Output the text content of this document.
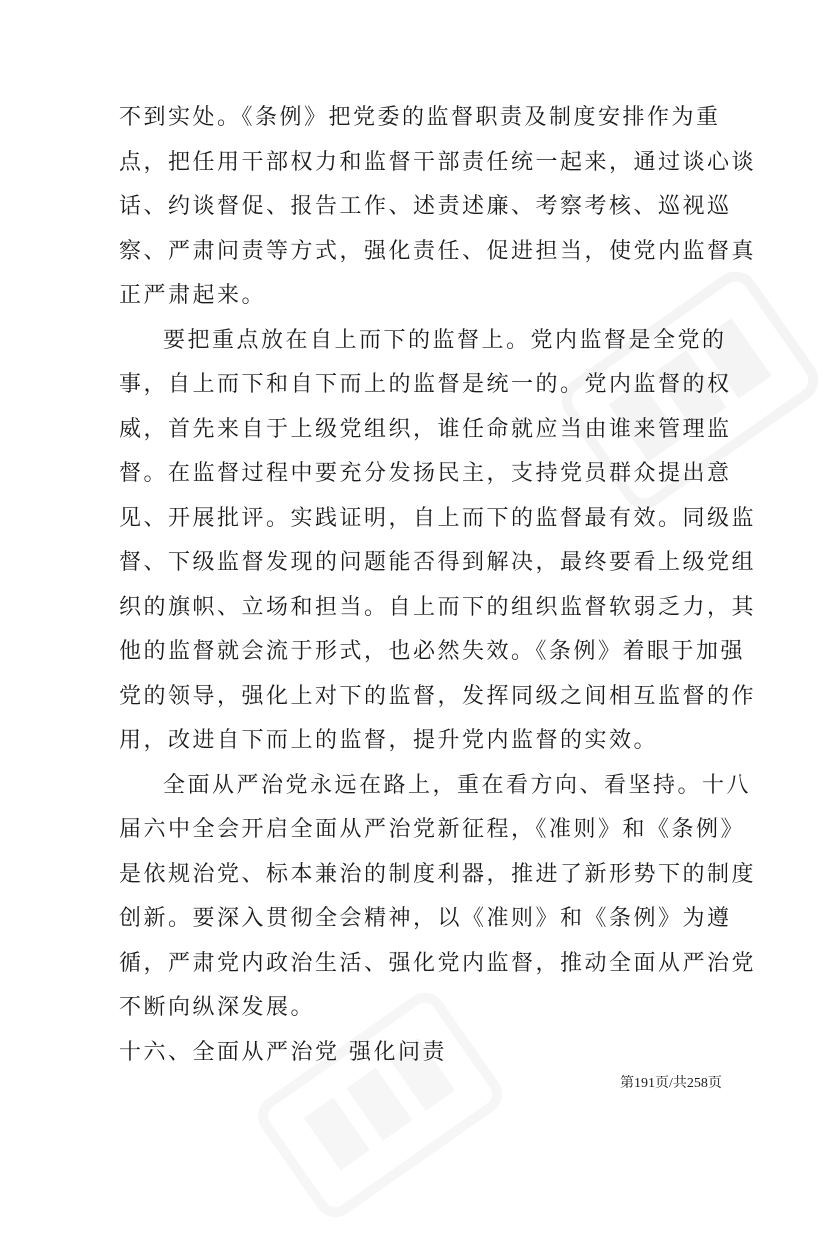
不到实处。《条例》把党委的监督职责及制度安排作为重
点，把任用干部权力和监督干部责任统一起来，通过谈心谈
话、约谈督促、报告工作、述责述廉、考察考核、巡视巡
察、严肃问责等方式，强化责任、促进担当，使党内监督真
正严肃起来。
要把重点放在自上而下的监督上。党内监督是全党的
事，自上而下和自下而上的监督是统一的。党内监督的权
威，首先来自于上级党组织，谁任命就应当由谁来管理监
督。在监督过程中要充分发扬民主，支持党员群众提出意
见、开展批评。实践证明，自上而下的监督最有效。同级监
督、下级监督发现的问题能否得到解决，最终要看上级党组
织的旗帜、立场和担当。自上而下的组织监督软弱乏力，其
他的监督就会流于形式，也必然失效。《条例》着眼于加强
党的领导，强化上对下的监督，发挥同级之间相互监督的作
用，改进自下而上的监督，提升党内监督的实效。
全面从严治党永远在路上，重在看方向、看坚持。十八
届六中全会开启全面从严治党新征程，《准则》和《条例》
是依规治党、标本兼治的制度利器，推进了新形势下的制度
创新。要深入贯彻全会精神，以《准则》和《条例》为遵
循，严肃党内政治生活、强化党内监督，推动全面从严治党
不断向纵深发展。
十六、全面从严治党 强化问责
第191页/共258页
